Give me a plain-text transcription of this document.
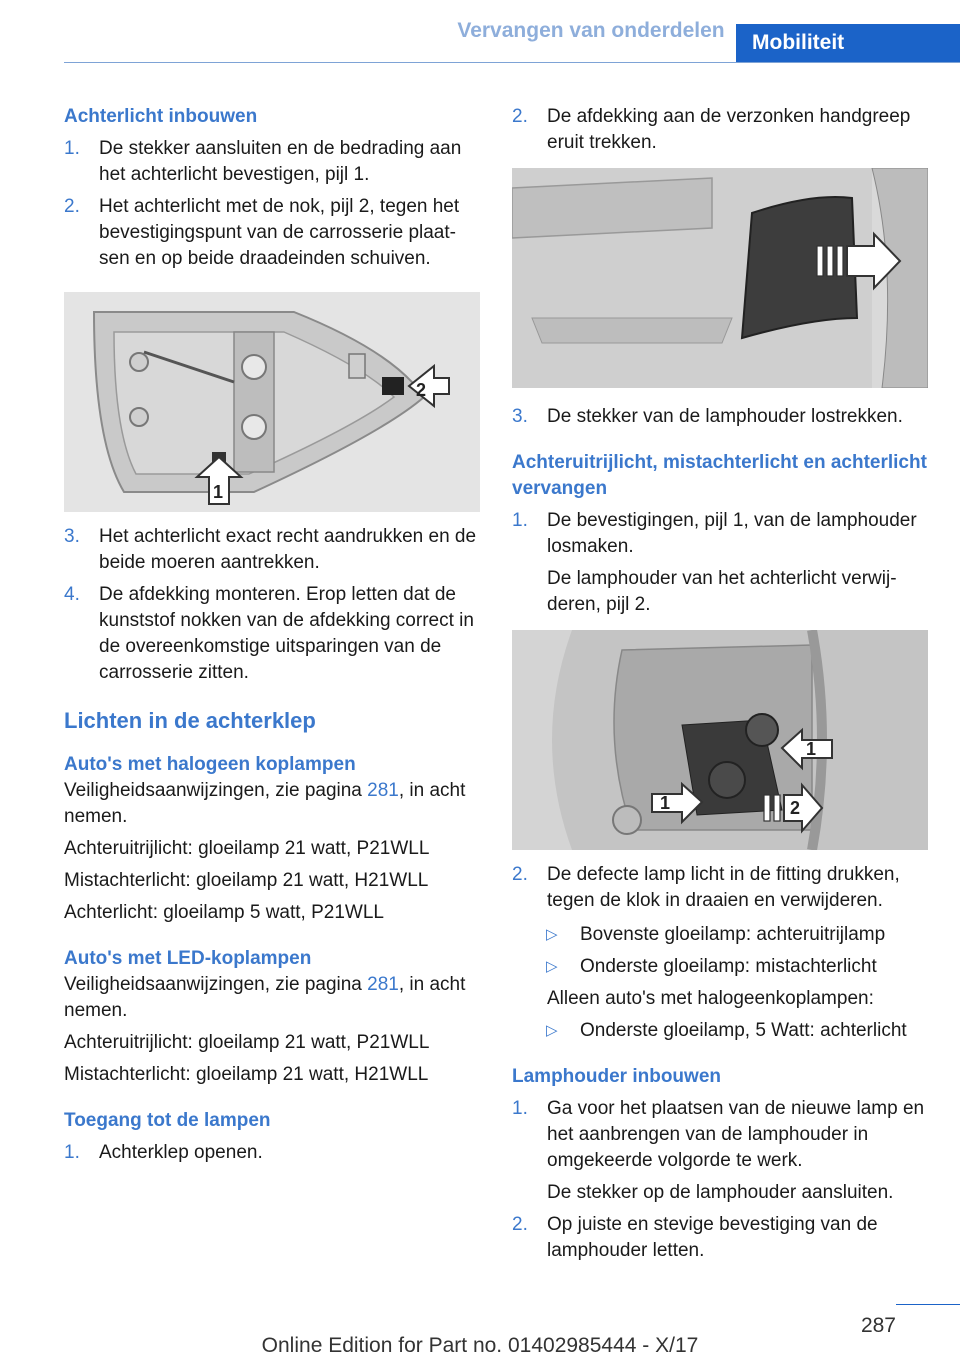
Vervangen van onderdelen
Mobiliteit

Achterlicht inbouwen

1.	De stekker aansluiten en de bedrading aan het achterlicht bevestigen, pijl 1.
2.	Het achterlicht met de nok, pijl 2, tegen het bevestigingspunt van de carrosserie plaatsen en op beide draadeinden schuiven.
2
1
3.	Het achterlicht exact recht aandrukken en de beide moeren aantrekken.
4.	De afdekking monteren. Erop letten dat de kunststof nokken van de afdekking correct in de overeenkomstige uitsparingen van de carrosserie zitten.

Lichten in de achterklep

Auto's met halogeen koplampen

Veiligheidsaanwijzingen, zie pagina 281, in acht nemen.

Achteruitrijlicht: gloeilamp 21 watt, P21WLL

Mistachterlicht: gloeilamp 21 watt, H21WLL

Achterlicht: gloeilamp 5 watt, P21WLL

Auto's met LED-koplampen

Veiligheidsaanwijzingen, zie pagina 281, in acht nemen.

Achteruitrijlicht: gloeilamp 21 watt, P21WLL

Mistachterlicht: gloeilamp 21 watt, H21WLL

Toegang tot de lampen

1.	Achterklep openen.
2.	De afdekking aan de verzonken handgreep eruit trekken.
3.	De stekker van de lamphouder lostrekken.

Achteruitrijlicht, mistachterlicht en achterlicht vervangen

1.	De bevestigingen, pijl 1, van de lamphouder losmaken.
De lamphouder van het achterlicht verwijderen, pijl 2.
1
1	2
2.	De defecte lamp licht in de fitting drukken, tegen de klok in draaien en verwijderen.
▷	Bovenste gloeilamp: achteruitrijlamp
▷	Onderste gloeilamp: mistachterlicht
Alleen auto's met halogeenkoplampen:
▷	Onderste gloeilamp, 5 Watt: achterlicht

Lamphouder inbouwen

1.	Ga voor het plaatsen van de nieuwe lamp en het aanbrengen van de lamphouder in omgekeerde volgorde te werk.
De stekker op de lamphouder aansluiten.
2.	Op juiste en stevige bevestiging van de lamphouder letten.
287
Online Edition for Part no. 01402985444 - X/17
